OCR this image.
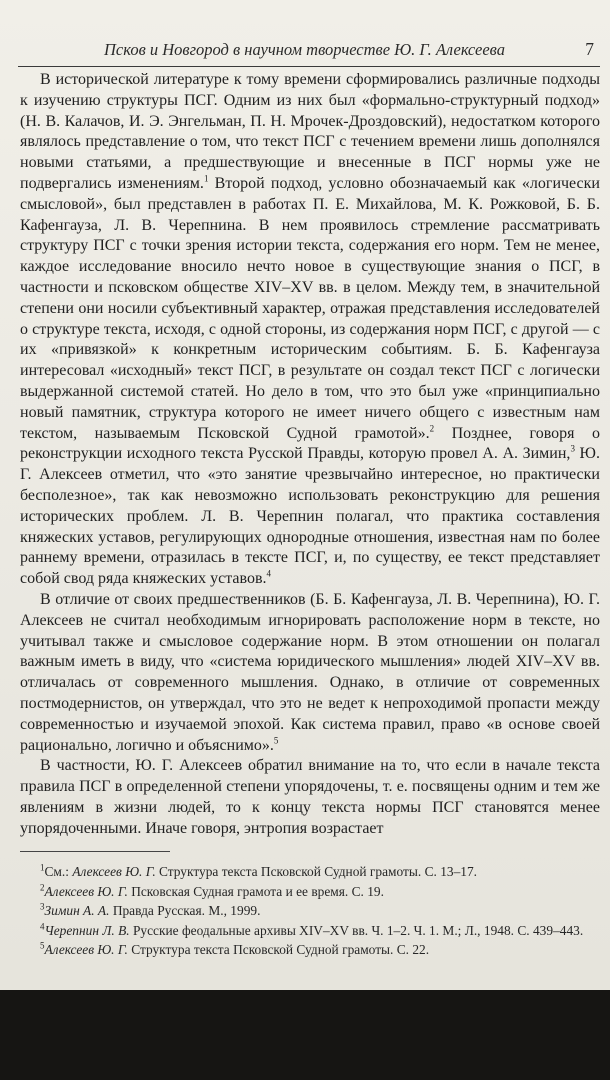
Псков и Новгород в научном творчестве Ю. Г. Алексеева	7

В исторической литературе к тому времени сформировались различные подходы к изучению структуры ПСГ. Одним из них был «формально-структурный подход» (Н. В. Калачов, И. Э. Энгельман, П. Н. Мрочек-Дроздовский), недостатком которого являлось представление о том, что текст ПСГ с течением времени лишь дополнялся новыми статьями, а предшествующие и внесенные в ПСГ нормы уже не подвергались изменениям.$^1$ Второй подход, условно обозначаемый как «логически смысловой», был представлен в работах П. Е. Михайлова, М. К. Рожковой, Б. Б. Кафенгауза, Л. В. Черепнина. В нем проявилось стремление рассматривать структуру ПСГ с точки зрения истории текста, содержания его норм. Тем не менее, каждое исследование вносило нечто новое в существующие знания о ПСГ, в частности и псковском обществе XIV–XV вв. в целом. Между тем, в значительной степени они носили субъективный характер, отражая представления исследователей о структуре текста, исходя, с одной стороны, из содержания норм ПСГ, с другой — с их «привязкой» к конкретным историческим событиям. Б. Б. Кафенгауза интересовал «исходный» текст ПСГ, в результате он создал текст ПСГ с логически выдержанной системой статей. Но дело в том, что это был уже «принципиально новый памятник, структура которого не имеет ничего общего с известным нам текстом, называемым Псковской Судной грамотой».$^2$ Позднее, говоря о реконструкции исходного текста Русской Правды, которую провел А. А. Зимин,$^3$ Ю. Г. Алексеев отметил, что «это занятие чрезвычайно интересное, но практически бесполезное», так как невозможно использовать реконструкцию для решения исторических проблем. Л. В. Черепнин полагал, что практика составления княжеских уставов, регулирующих однородные отношения, известная нам по более раннему времени, отразилась в тексте ПСГ, и, по существу, ее текст представляет собой свод ряда княжеских уставов.$^4$

В отличие от своих предшественников (Б. Б. Кафенгауза, Л. В. Черепнина), Ю. Г. Алексеев не считал необходимым игнорировать расположение норм в тексте, но учитывал также и смысловое содержание норм. В этом отношении он полагал важным иметь в виду, что «система юридического мышления» людей XIV–XV вв. отличалась от современного мышления. Однако, в отличие от современных постмодернистов, он утверждал, что это не ведет к непроходимой пропасти между современностью и изучаемой эпохой. Как система правил, право «в основе своей рационально, логично и объяснимо».$^5$

В частности, Ю. Г. Алексеев обратил внимание на то, что если в начале текста правила ПСГ в определенной степени упорядочены, т. е. посвящены одним и тем же явлениям в жизни людей, то к концу текста нормы ПСГ становятся менее упорядоченными. Иначе говоря, энтропия возрастает

$^1$См.: Алексеев Ю. Г. Структура текста Псковской Судной грамоты. С. 13–17.
$^2$Алексеев Ю. Г. Псковская Судная грамота и ее время. С. 19.
$^3$Зимин А. А. Правда Русская. М., 1999.
$^4$Черепнин Л. В. Русские феодальные архивы XIV–XV вв. Ч. 1–2. Ч. 1. М.; Л., 1948. С. 439–443.
$^5$Алексеев Ю. Г. Структура текста Псковской Судной грамоты. С. 22.
